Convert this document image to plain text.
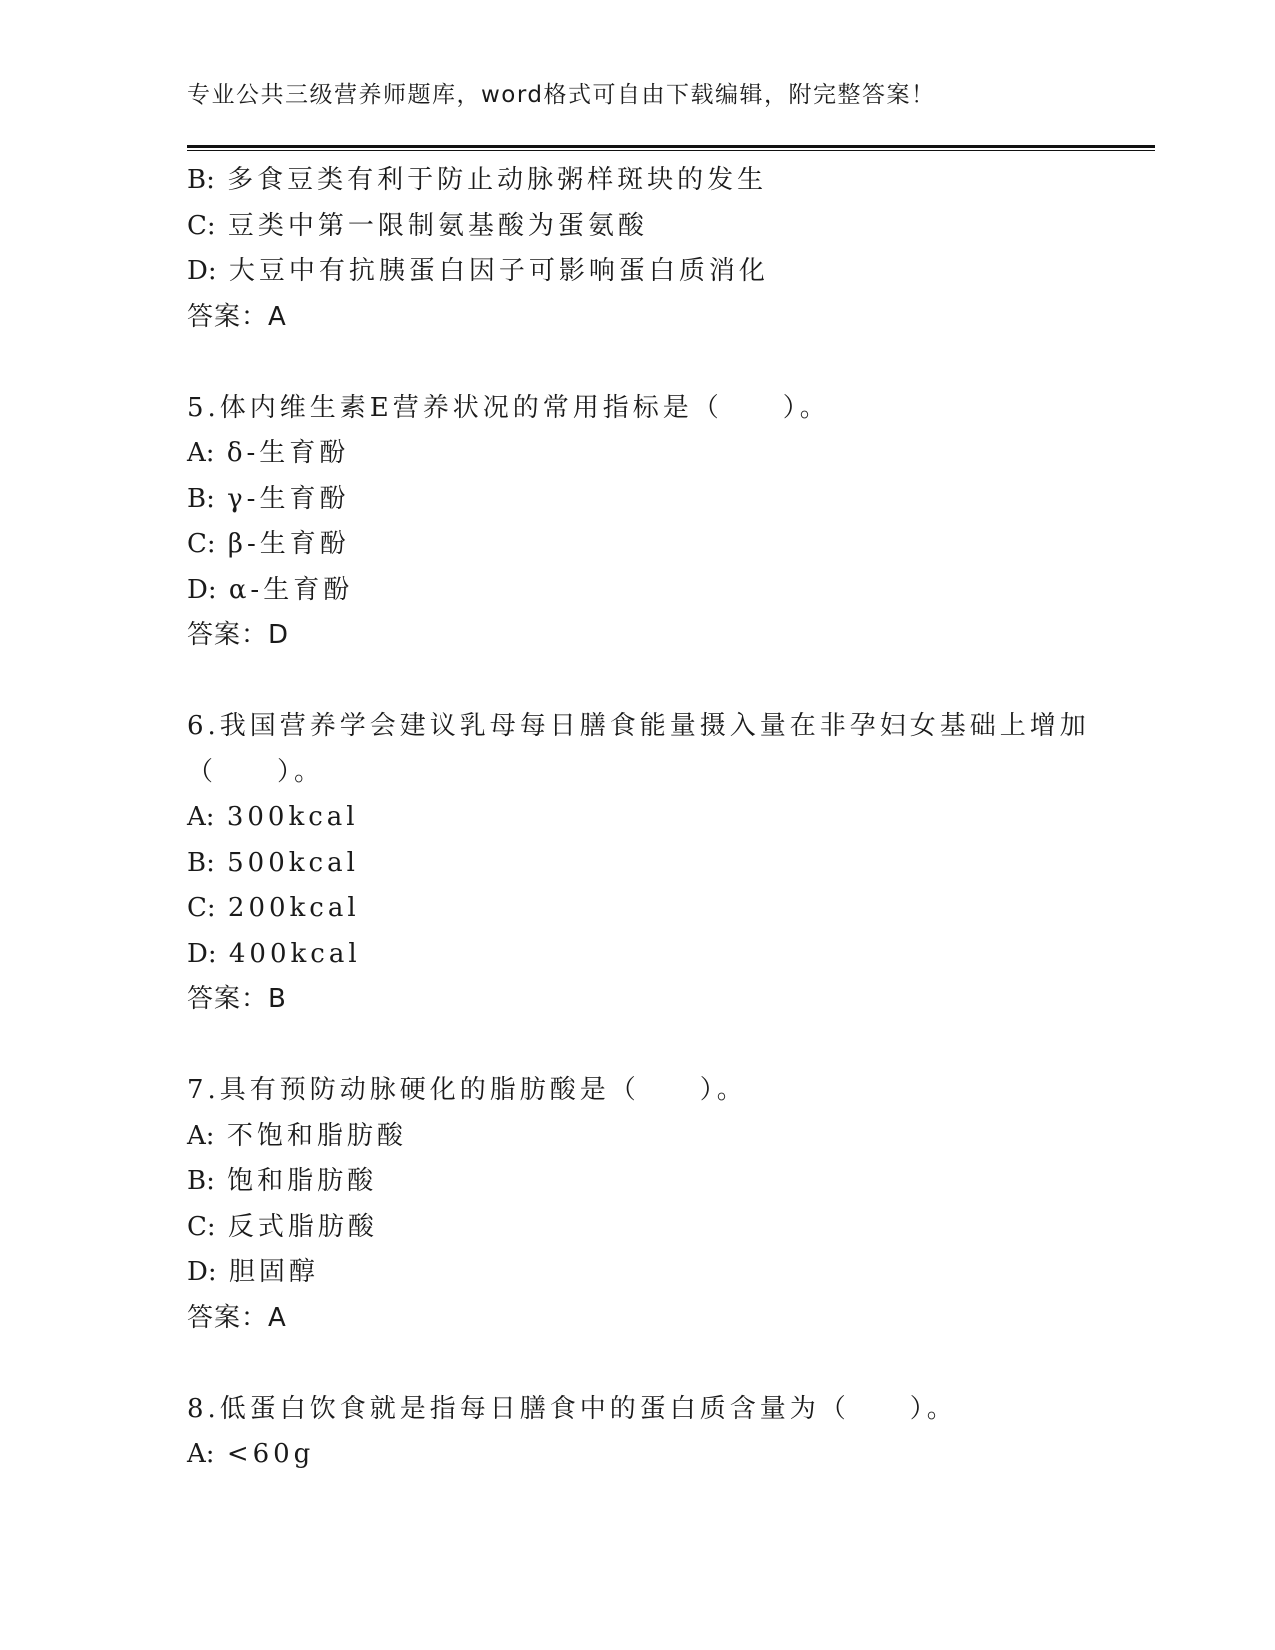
专业公共三级营养师题库，word格式可自由下载编辑，附完整答案！
B: 多食豆类有利于防止动脉粥样斑块的发生
C: 豆类中第一限制氨基酸为蛋氨酸
D: 大豆中有抗胰蛋白因子可影响蛋白质消化
答案：A
5.体内维生素E营养状况的常用指标是（　　）。
A: δ-生育酚
B: γ-生育酚
C: β-生育酚
D: α-生育酚
答案：D
6.我国营养学会建议乳母每日膳食能量摄入量在非孕妇女基础上增加
（　　）。
A: 300kcal
B: 500kcal
C: 200kcal
D: 400kcal
答案：B
7.具有预防动脉硬化的脂肪酸是（　　）。
A: 不饱和脂肪酸
B: 饱和脂肪酸
C: 反式脂肪酸
D: 胆固醇
答案：A
8.低蛋白饮食就是指每日膳食中的蛋白质含量为（　　）。
A: <60g
